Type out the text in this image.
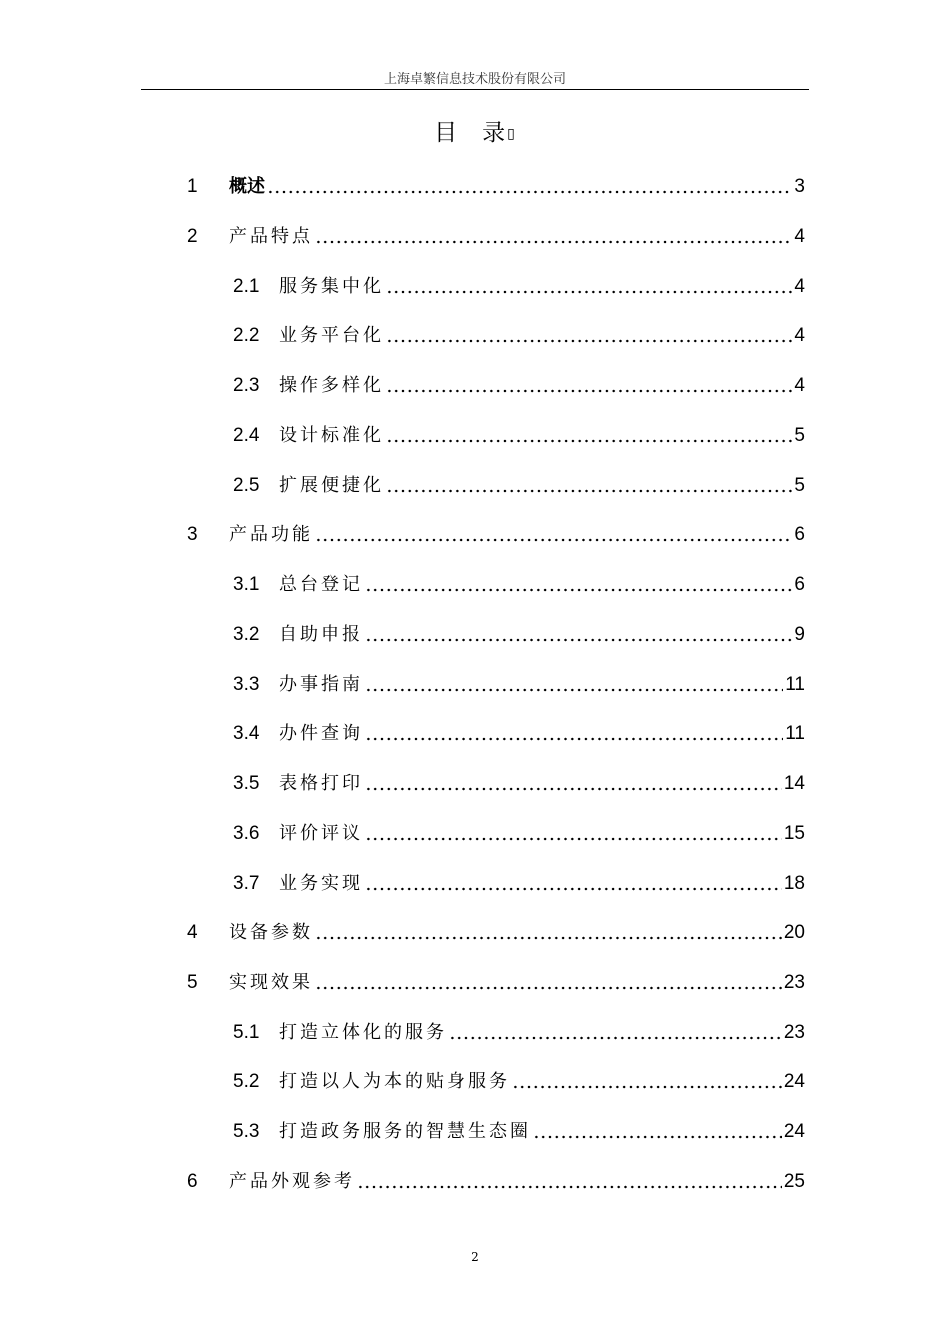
上海卓繁信息技术股份有限公司
目　录▯
1 概述	3
2 产品特点	4
2.1 服务集中化	4
2.2 业务平台化	4
2.3 操作多样化	4
2.4 设计标准化	5
2.5 扩展便捷化	5
3 产品功能	6
3.1 总台登记	6
3.2 自助申报	9
3.3 办事指南	11
3.4 办件查询	11
3.5 表格打印	14
3.6 评价评议	15
3.7 业务实现	18
4 设备参数	20
5 实现效果	23
5.1 打造立体化的服务	23
5.2 打造以人为本的贴身服务	24
5.3 打造政务服务的智慧生态圈	24
6 产品外观参考	25
2
